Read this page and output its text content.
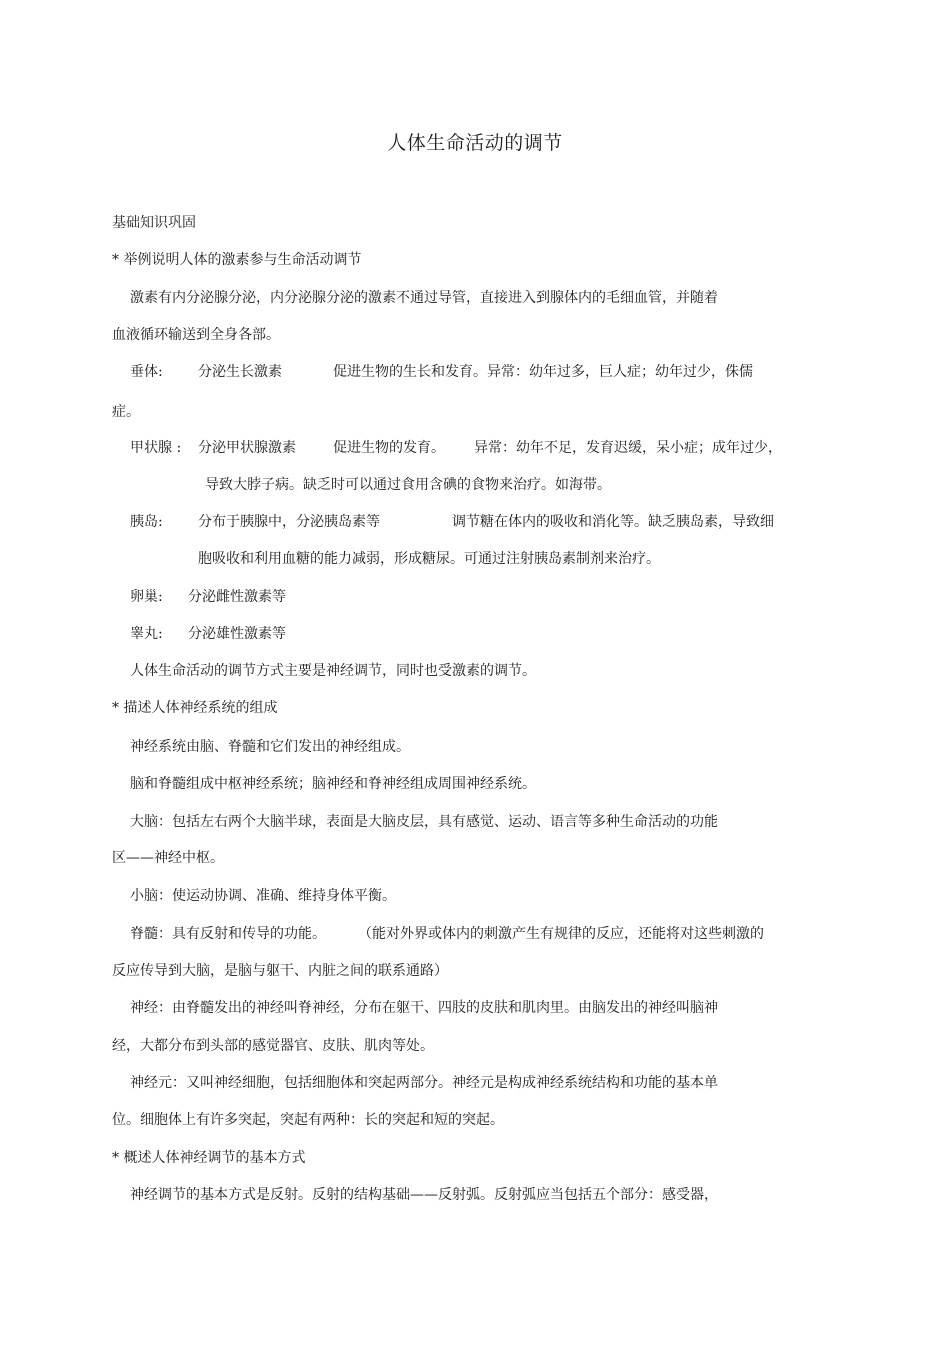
人体生命活动的调节
基础知识巩固
* 举例说明人体的激素参与生命活动调节
激素有内分泌腺分泌，内分泌腺分泌的激素不通过导管，直接进入到腺体内的毛细血管，并随着
血液循环输送到全身各部。
垂体:	分泌生长激素	促进生物的生长和发育。异常：幼年过多，巨人症；幼年过少，侏儒
症。
甲状腺 : 分泌甲状腺激素	促进生物的发育。 异常：幼年不足，发育迟缓，呆小症；成年过少，
导致大脖子病。缺乏时可以通过食用含碘的食物来治疗。如海带。
胰岛:	分布于胰腺中，分泌胰岛素等	调节糖在体内的吸收和消化等。缺乏胰岛素，导致细
胞吸收和利用血糖的能力减弱，形成糖尿。可通过注射胰岛素制剂来治疗。
卵巢: 分泌雌性激素等
睾丸: 分泌雄性激素等
人体生命活动的调节方式主要是神经调节，同时也受激素的调节。
* 描述人体神经系统的组成
神经系统由脑、脊髓和它们发出的神经组成。
脑和脊髓组成中枢神经系统；脑神经和脊神经组成周围神经系统。
大脑：包括左右两个大脑半球，表面是大脑皮层，具有感觉、运动、语言等多种生命活动的功能
区——神经中枢。
小脑：使运动协调、准确、维持身体平衡。
脊髓：具有反射和传导的功能。 （能对外界或体内的刺激产生有规律的反应，还能将对这些刺激的
反应传导到大脑，是脑与躯干、内脏之间的联系通路）
神经：由脊髓发出的神经叫脊神经，分布在躯干、四肢的皮肤和肌肉里。由脑发出的神经叫脑神
经，大都分布到头部的感觉器官、皮肤、肌肉等处。
神经元：又叫神经细胞，包括细胞体和突起两部分。神经元是构成神经系统结构和功能的基本单
位。细胞体上有许多突起，突起有两种：长的突起和短的突起。
* 概述人体神经调节的基本方式
神经调节的基本方式是反射。反射的结构基础——反射弧。反射弧应当包括五个部分：感受器，
